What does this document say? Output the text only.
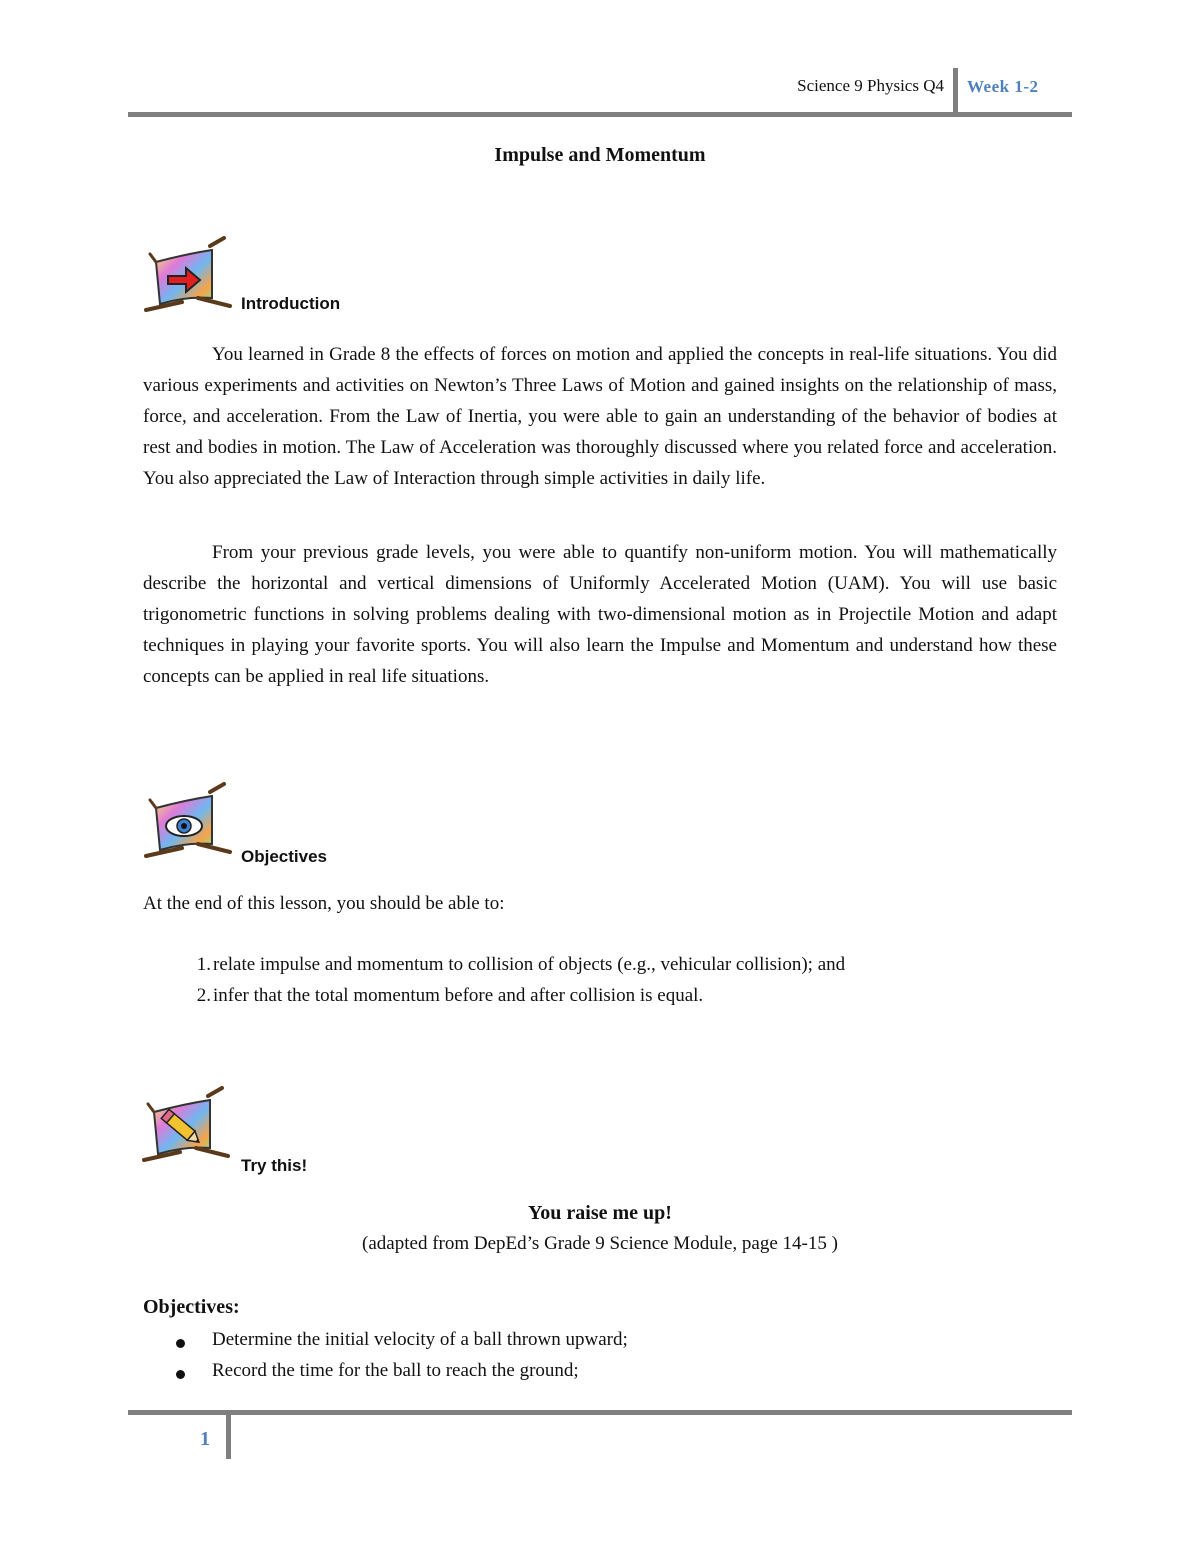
Science 9 Physics Q4 Week 1-2
Impulse and Momentum
Introduction

You learned in Grade 8 the effects of forces on motion and applied the concepts in real-life situations. You did various experiments and activities on Newton’s Three Laws of Motion and gained insights on the relationship of mass, force, and acceleration. From the Law of Inertia, you were able to gain an understanding of the behavior of bodies at rest and bodies in motion. The Law of Acceleration was thoroughly discussed where you related force and acceleration. You also appreciated the Law of Interaction through simple activities in daily life.

From your previous grade levels, you were able to quantify non-uniform motion. You will mathematically describe the horizontal and vertical dimensions of Uniformly Accelerated Motion (UAM). You will use basic trigonometric functions in solving problems dealing with two-dimensional motion as in Projectile Motion and adapt techniques in playing your favorite sports. You will also learn the Impulse and Momentum and understand how these concepts can be applied in real life situations.

Objectives
At the end of this lesson, you should be able to:
1. relate impulse and momentum to collision of objects (e.g., vehicular collision); and
2. infer that the total momentum before and after collision is equal.
Try this!
You raise me up!
(adapted from DepEd’s Grade 9 Science Module, page 14-15 )
Objectives:
Determine the initial velocity of a ball thrown upward;
Record the time for the ball to reach the ground;
1
